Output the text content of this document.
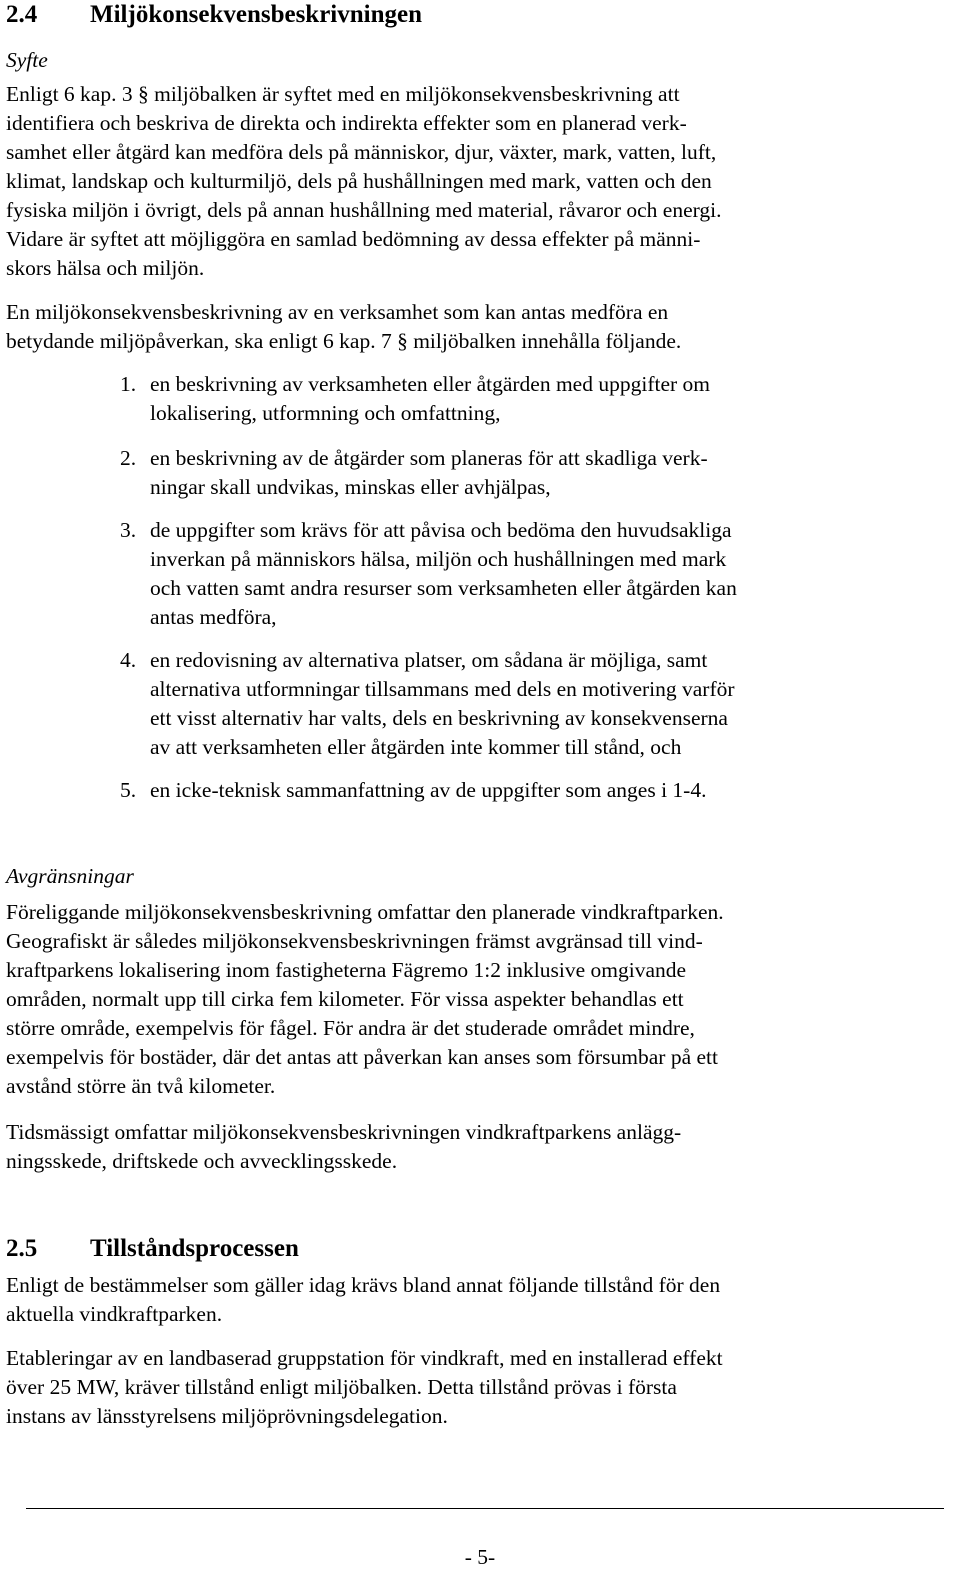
2.4	Miljökonsekvensbeskrivningen
Syfte

Enligt 6 kap. 3 § miljöbalken är syftet med en miljökonsekvensbeskrivning att
identifiera och beskriva de direkta och indirekta effekter som en planerad verk-
samhet eller åtgärd kan medföra dels på människor, djur, växter, mark, vatten, luft,
klimat, landskap och kulturmiljö, dels på hushållningen med mark, vatten och den
fysiska miljön i övrigt, dels på annan hushållning med material, råvaror och energi.
Vidare är syftet att möjliggöra en samlad bedömning av dessa effekter på männi-
skors hälsa och miljön.

En miljökonsekvensbeskrivning av en verksamhet som kan antas medföra en
betydande miljöpåverkan, ska enligt 6 kap. 7 § miljöbalken innehålla följande.

1. en beskrivning av verksamheten eller åtgärden med uppgifter om
lokalisering, utformning och omfattning,
2. en beskrivning av de åtgärder som planeras för att skadliga verk-
ningar skall undvikas, minskas eller avhjälpas,
3. de uppgifter som krävs för att påvisa och bedöma den huvudsakliga
inverkan på människors hälsa, miljön och hushållningen med mark
och vatten samt andra resurser som verksamheten eller åtgärden kan
antas medföra,
4. en redovisning av alternativa platser, om sådana är möjliga, samt
alternativa utformningar tillsammans med dels en motivering varför
ett visst alternativ har valts, dels en beskrivning av konsekvenserna
av att verksamheten eller åtgärden inte kommer till stånd, och
5. en icke-teknisk sammanfattning av de uppgifter som anges i 1-4.
Avgränsningar

Föreliggande miljökonsekvensbeskrivning omfattar den planerade vindkraftparken.
Geografiskt är således miljökonsekvensbeskrivningen främst avgränsad till vind-
kraftparkens lokalisering inom fastigheterna Fägremo 1:2 inklusive omgivande
områden, normalt upp till cirka fem kilometer. För vissa aspekter behandlas ett
större område, exempelvis för fågel. För andra är det studerade området mindre,
exempelvis för bostäder, där det antas att påverkan kan anses som försumbar på ett
avstånd större än två kilometer.

Tidsmässigt omfattar miljökonsekvensbeskrivningen vindkraftparkens anlägg-
ningsskede, driftskede och avvecklingsskede.

2.5	Tillståndsprocessen

Enligt de bestämmelser som gäller idag krävs bland annat följande tillstånd för den
aktuella vindkraftparken.

Etableringar av en landbaserad gruppstation för vindkraft, med en installerad effekt
över 25 MW, kräver tillstånd enligt miljöbalken. Detta tillstånd prövas i första
instans av länsstyrelsens miljöprövningsdelegation.

- 5-
